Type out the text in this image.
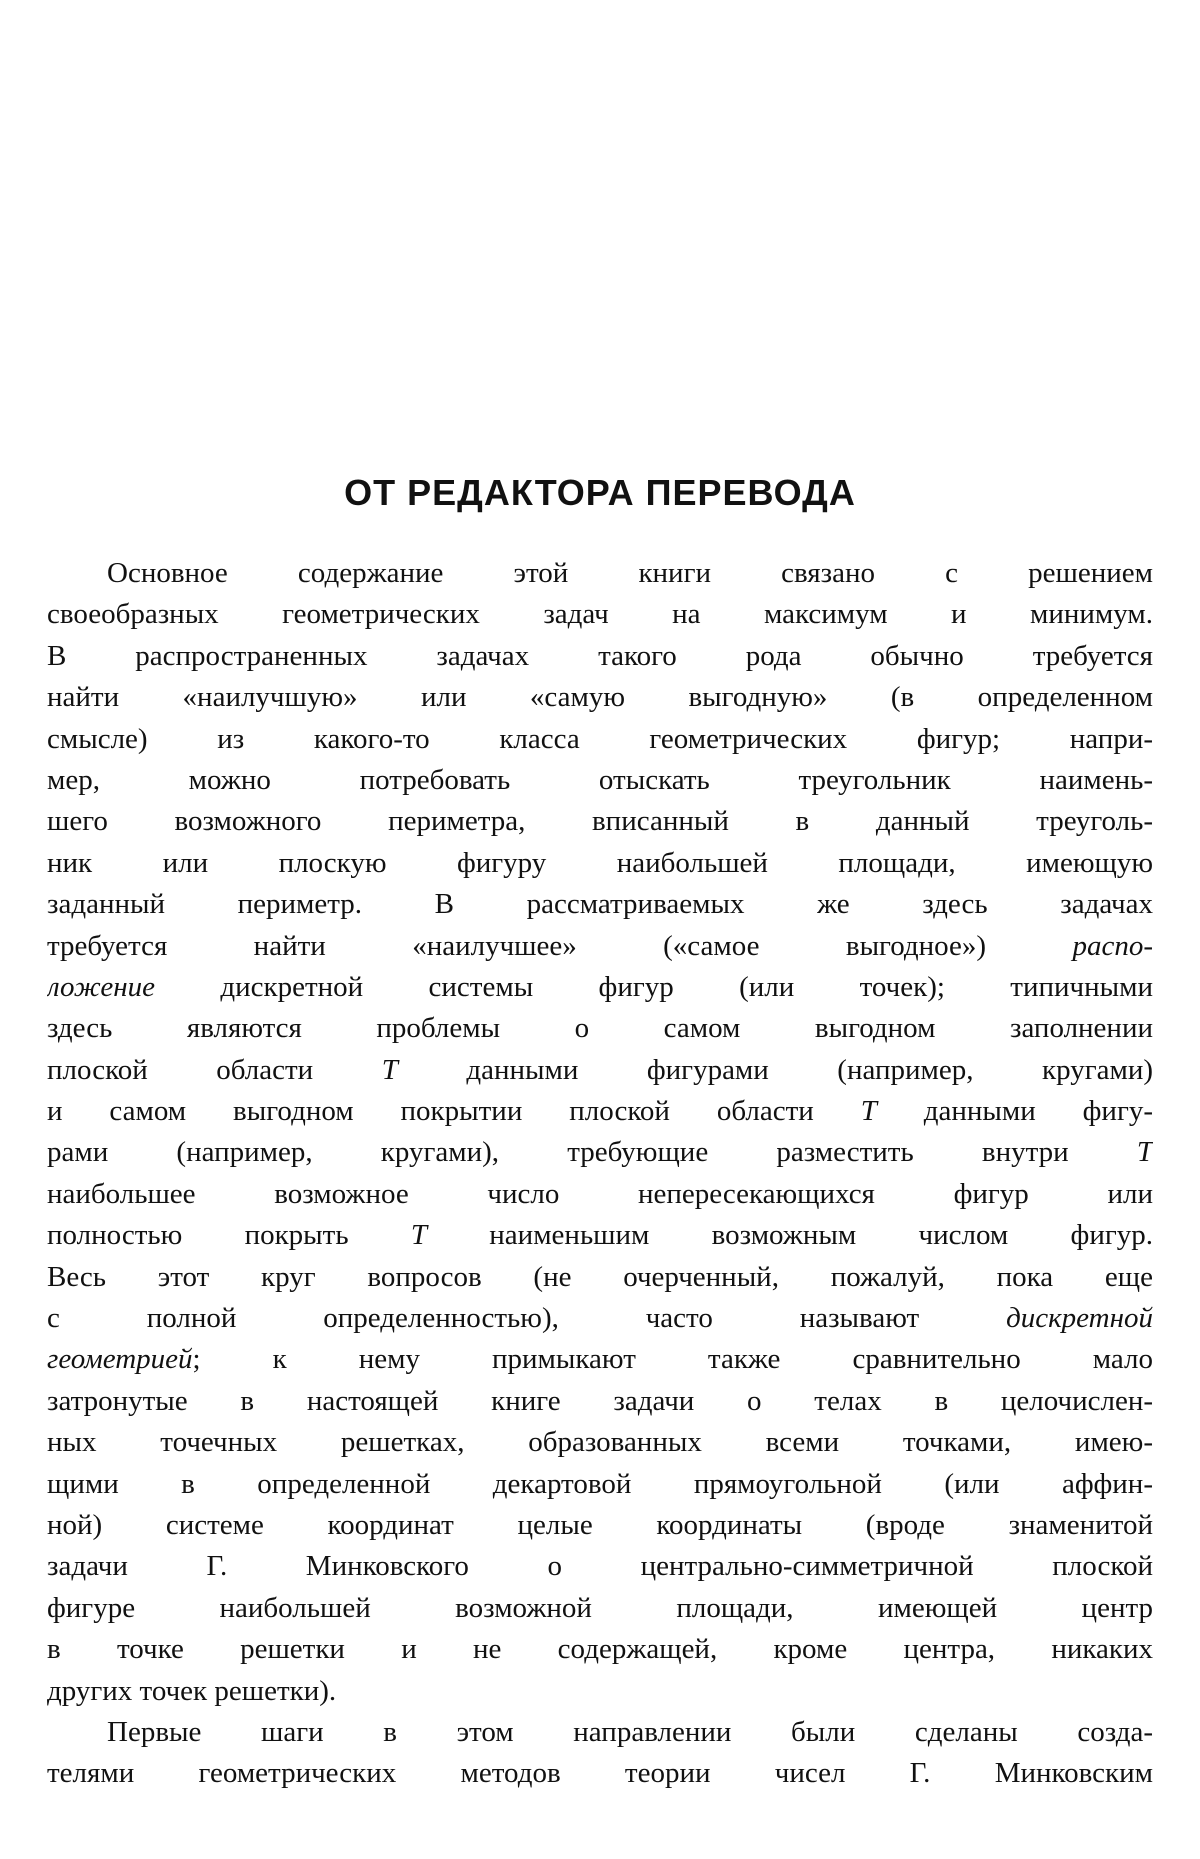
ОТ РЕДАКТОРА ПЕРЕВОДА
Основное содержание этой книги связано с решением
своеобразных геометрических задач на максимум и минимум.
В распространенных задачах такого рода обычно требуется
найти «наилучшую» или «самую выгодную» (в определенном
смысле) из какого-то класса геометрических фигур; напри-
мер, можно потребовать отыскать треугольник наимень-
шего возможного периметра, вписанный в данный треуголь-
ник или плоскую фигуру наибольшей площади, имеющую
заданный периметр. В рассматриваемых же здесь задачах
требуется найти «наилучшее» («самое выгодное») распо-
ложение дискретной системы фигур (или точек); типичными
здесь являются проблемы о самом выгодном заполнении
плоской области T данными фигурами (например, кругами)
и самом выгодном покрытии плоской области T данными фигу-
рами (например, кругами), требующие разместить внутри T
наибольшее возможное число непересекающихся фигур или
полностью покрыть T наименьшим возможным числом фигур.
Весь этот круг вопросов (не очерченный, пожалуй, пока еще
с полной определенностью), часто называют дискретной
геометрией; к нему примыкают также сравнительно мало
затронутые в настоящей книге задачи о телах в целочислен-
ных точечных решетках, образованных всеми точками, имею-
щими в определенной декартовой прямоугольной (или аффин-
ной) системе координат целые координаты (вроде знаменитой
задачи Г. Минковского о центрально-симметричной плоской
фигуре наибольшей возможной площади, имеющей центр
в точке решетки и не содержащей, кроме центра, никаких
других точек решетки).
Первые шаги в этом направлении были сделаны созда-
телями геометрических методов теории чисел Г. Минковским
